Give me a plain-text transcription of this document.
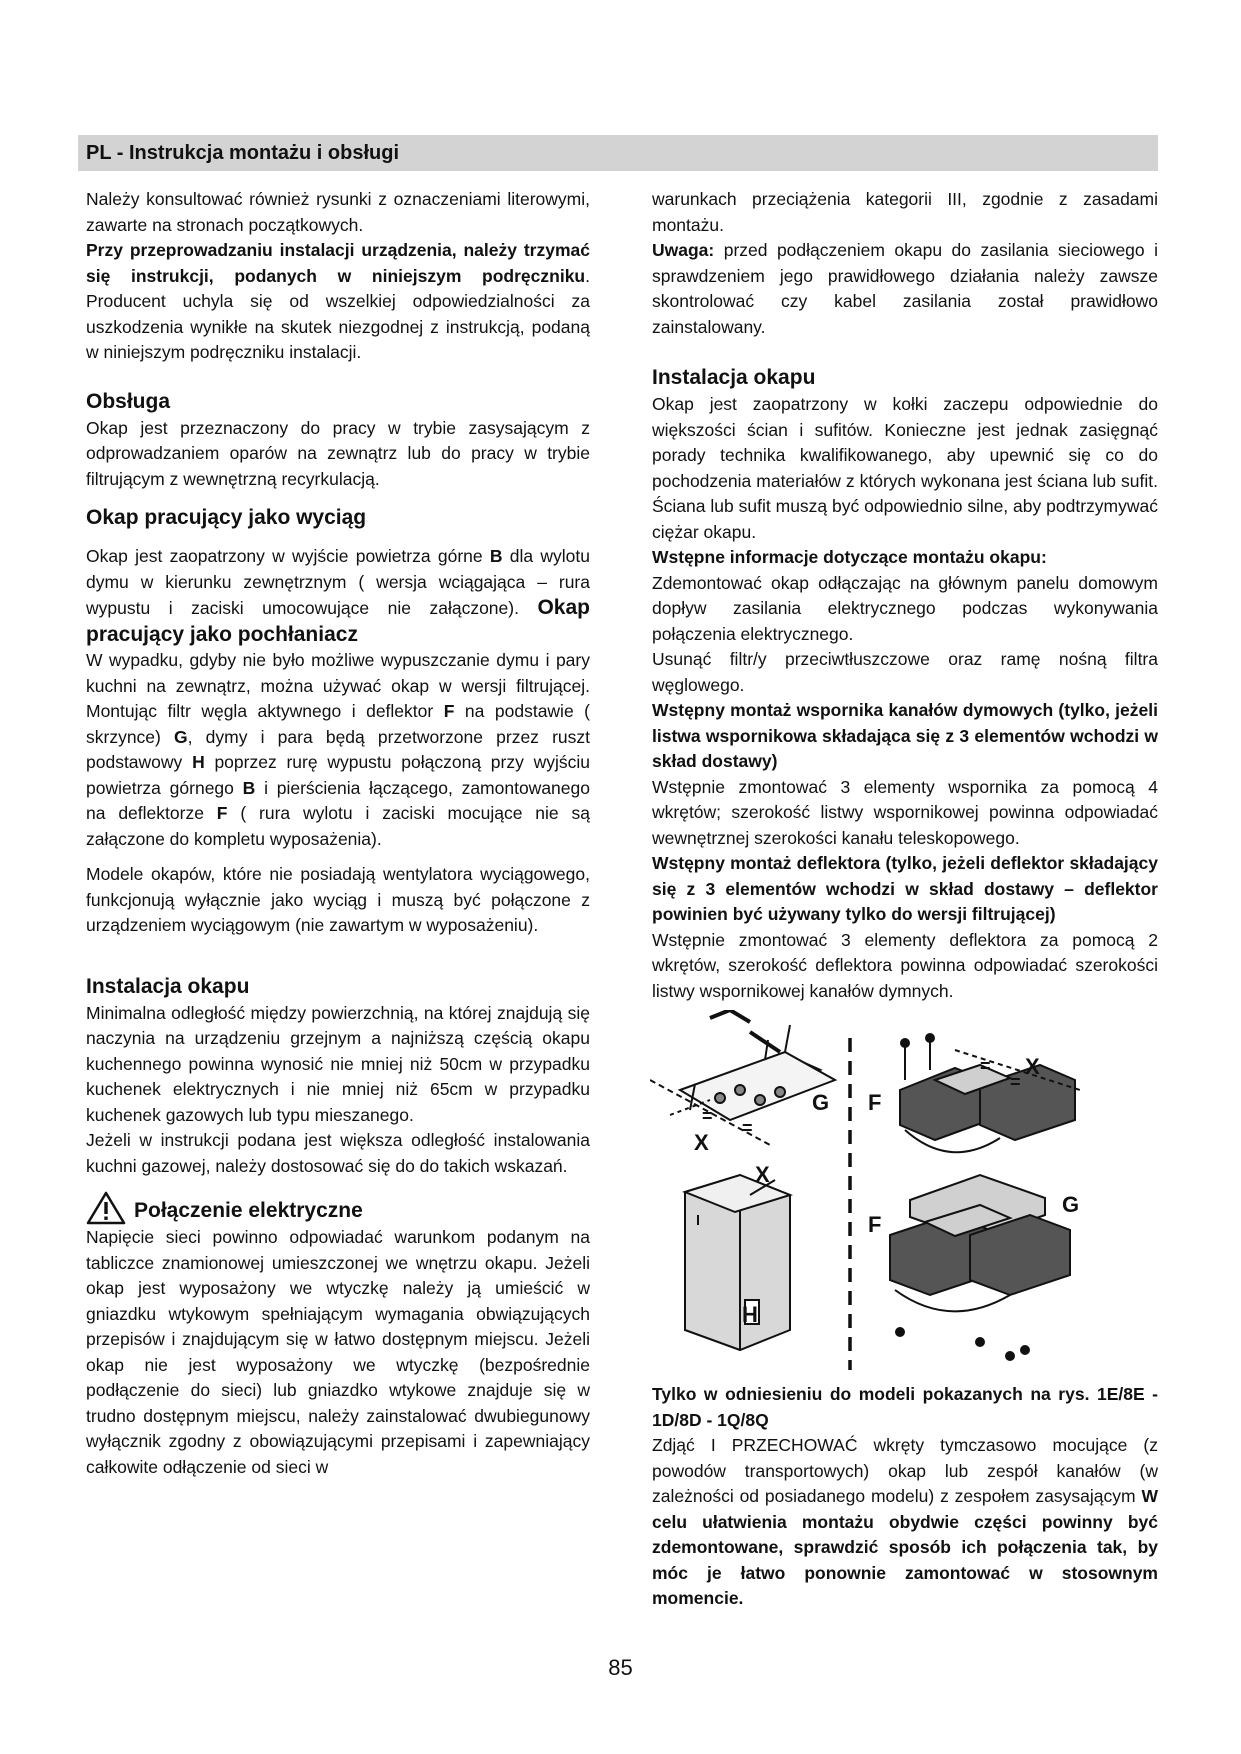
PL - Instrukcja montażu i obsługi

Należy konsultować również rysunki z oznaczeniami literowymi, zawarte na stronach początkowych.
Przy przeprowadzaniu instalacji urządzenia, należy trzymać się instrukcji, podanych w niniejszym podręczniku. Producent uchyla się od wszelkiej odpowiedzialności za uszkodzenia wynikłe na skutek niezgodnej z instrukcją, podaną w niniejszym podręczniku instalacji.

Obsługa

Okap jest przeznaczony do pracy w trybie zasysającym z odprowadzaniem oparów na zewnątrz lub do pracy w trybie filtrującym z wewnętrzną recyrkulacją.

Okap pracujący jako wyciąg

Okap jest zaopatrzony w wyjście powietrza górne B dla wylotu dymu w kierunku zewnętrznym ( wersja wciągająca – rura wypustu i zaciski umocowujące nie załączone). Okap pracujący jako pochłaniacz

W wypadku, gdyby nie było możliwe wypuszczanie dymu i pary kuchni na zewnątrz, można używać okap w wersji filtrującej. Montując filtr węgla aktywnego i deflektor F na podstawie ( skrzynce) G, dymy i para będą przetworzone przez ruszt podstawowy H poprzez rurę wypustu połączoną przy wyjściu powietrza górnego B i pierścienia łączącego, zamontowanego na deflektorze F ( rura wylotu i zaciski mocujące nie są załączone do kompletu wyposażenia).

Modele okapów, które nie posiadają wentylatora wyciągowego, funkcjonują wyłącznie jako wyciąg i muszą być połączone z urządzeniem wyciągowym (nie zawartym w wyposażeniu).

Instalacja okapu

Minimalna odległość między powierzchnią, na której znajdują się naczynia na urządzeniu grzejnym a najniższą częścią okapu kuchennego powinna wynosić nie mniej niż 50cm w przypadku kuchenek elektrycznych i nie mniej niż 65cm w przypadku kuchenek gazowych lub typu mieszanego.

Jeżeli w instrukcji podana jest większa odległość instalowania kuchni gazowej, należy dostosować się do do takich wskazań.

Połączenie elektryczne

Napięcie sieci powinno odpowiadać warunkom podanym na tabliczce znamionowej umieszczonej we wnętrzu okapu. Jeżeli okap jest wyposażony we wtyczkę należy ją umieścić w gniazdku wtykowym spełniającym wymagania obwiązujących przepisów i znajdującym się w łatwo dostępnym miejscu. Jeżeli okap nie jest wyposażony we wtyczkę (bezpośrednie podłączenie do sieci) lub gniazdko wtykowe znajduje się w trudno dostępnym miejscu, należy zainstalować dwubiegunowy wyłącznik zgodny z obowiązującymi przepisami i zapewniający całkowite odłączenie od sieci w

warunkach przeciążenia kategorii III, zgodnie z zasadami montażu.

Uwaga: przed podłączeniem okapu do zasilania sieciowego i sprawdzeniem jego prawidłowego działania należy zawsze skontrolować czy kabel zasilania został prawidłowo zainstalowany.

Instalacja okapu

Okap jest zaopatrzony w kołki zaczepu odpowiednie do większości ścian i sufitów. Konieczne jest jednak zasięgnąć porady technika kwalifikowanego, aby upewnić się co do pochodzenia materiałów z których wykonana jest ściana lub sufit. Ściana lub sufit muszą być odpowiednio silne, aby podtrzymywać ciężar okapu.

Wstępne informacje dotyczące montażu okapu:

Zdemontować okap odłączając na głównym panelu domowym dopływ zasilania elektrycznego podczas wykonywania połączenia elektrycznego.

Usunąć filtr/y przeciwtłuszczowe oraz ramę nośną filtra węglowego.

Wstępny montaż wspornika kanałów dymowych (tylko, jeżeli listwa wspornikowa składająca się z 3 elementów wchodzi w skład dostawy)

Wstępnie zmontować 3 elementy wspornika za pomocą 4 wkrętów; szerokość listwy wspornikowej powinna odpowiadać wewnętrznej szerokości kanału teleskopowego.

Wstępny montaż deflektora (tylko, jeżeli deflektor składający się z 3 elementów wchodzi w skład dostawy – deflektor powinien być używany tylko do wersji filtrującej)

Wstępnie zmontować 3 elementy deflektora za pomocą 2 wkrętów, szerokość deflektora powinna odpowiadać szerokości listwy wspornikowej kanałów dymnych.

X
=
=
G
X
=
=
F
X
H
G
F

Tylko w odniesieniu do modeli pokazanych na rys. 1E/8E - 1D/8D - 1Q/8Q

Zdjąć I PRZECHOWAĆ wkręty tymczasowo mocujące (z powodów transportowych) okap lub zespół kanałów (w zależności od posiadanego modelu) z zespołem zasysającym W celu ułatwienia montażu obydwie części powinny być zdemontowane, sprawdzić sposób ich połączenia tak, by móc je łatwo ponownie zamontować w stosownym momencie.

85
